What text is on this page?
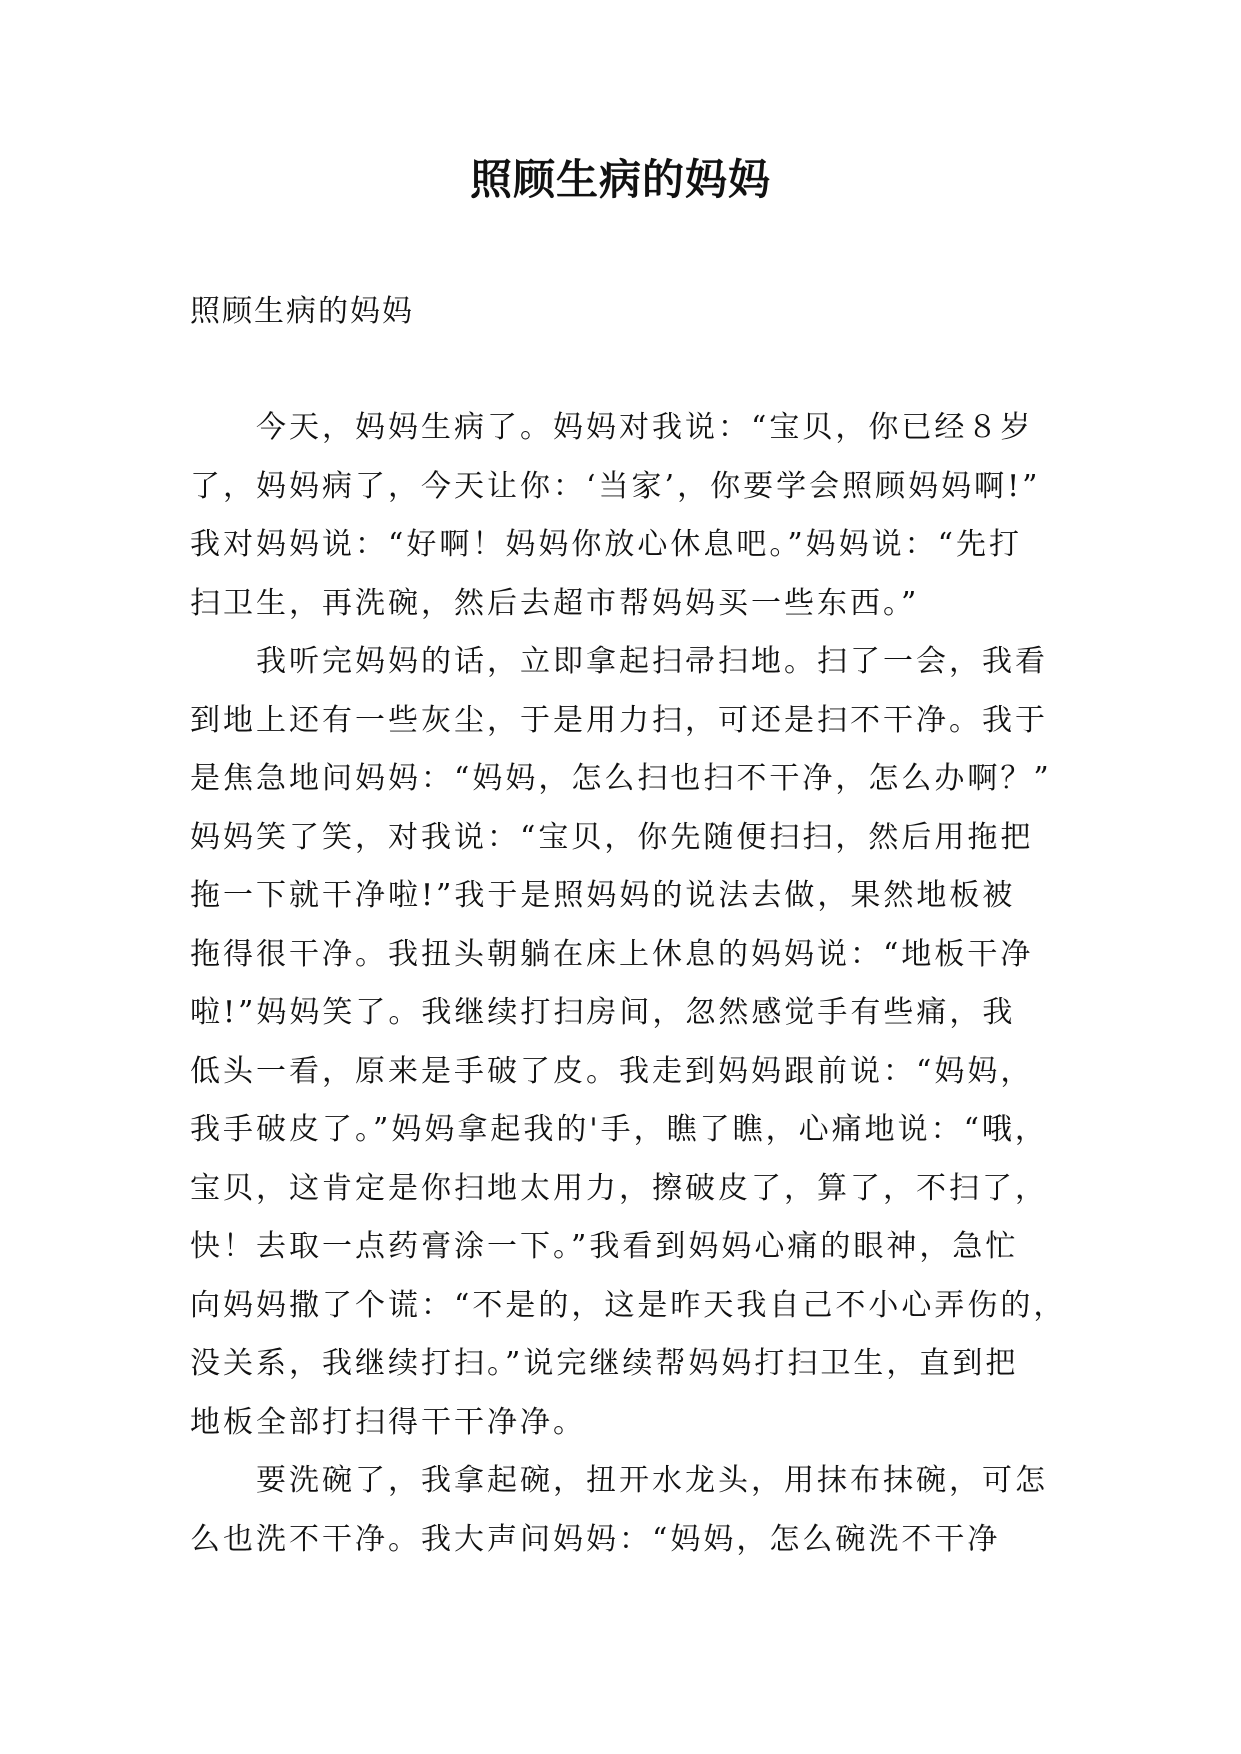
照顾生病的妈妈

照顾生病的妈妈

今天，妈妈生病了。妈妈对我说：“宝贝，你已经８岁
了，妈妈病了，今天让你：‘当家’，你要学会照顾妈妈啊!”
我对妈妈说：“好啊！妈妈你放心休息吧。”妈妈说：“先打
扫卫生，再洗碗，然后去超市帮妈妈买一些东西。”
我听完妈妈的话，立即拿起扫帚扫地。扫了一会，我看
到地上还有一些灰尘，于是用力扫，可还是扫不干净。我于
是焦急地问妈妈：“妈妈，怎么扫也扫不干净，怎么办啊？”
妈妈笑了笑，对我说：“宝贝，你先随便扫扫，然后用拖把
拖一下就干净啦!”我于是照妈妈的说法去做，果然地板被
拖得很干净。我扭头朝躺在床上休息的妈妈说：“地板干净
啦!”妈妈笑了。我继续打扫房间，忽然感觉手有些痛，我
低头一看，原来是手破了皮。我走到妈妈跟前说：“妈妈，
我手破皮了。”妈妈拿起我的'手，瞧了瞧，心痛地说：“哦，
宝贝，这肯定是你扫地太用力，擦破皮了，算了，不扫了，
快！去取一点药膏涂一下。”我看到妈妈心痛的眼神，急忙
向妈妈撒了个谎：“不是的，这是昨天我自己不小心弄伤的，
没关系，我继续打扫。”说完继续帮妈妈打扫卫生，直到把
地板全部打扫得干干净净。
要洗碗了，我拿起碗，扭开水龙头，用抹布抹碗，可怎
么也洗不干净。我大声问妈妈：“妈妈，怎么碗洗不干净
